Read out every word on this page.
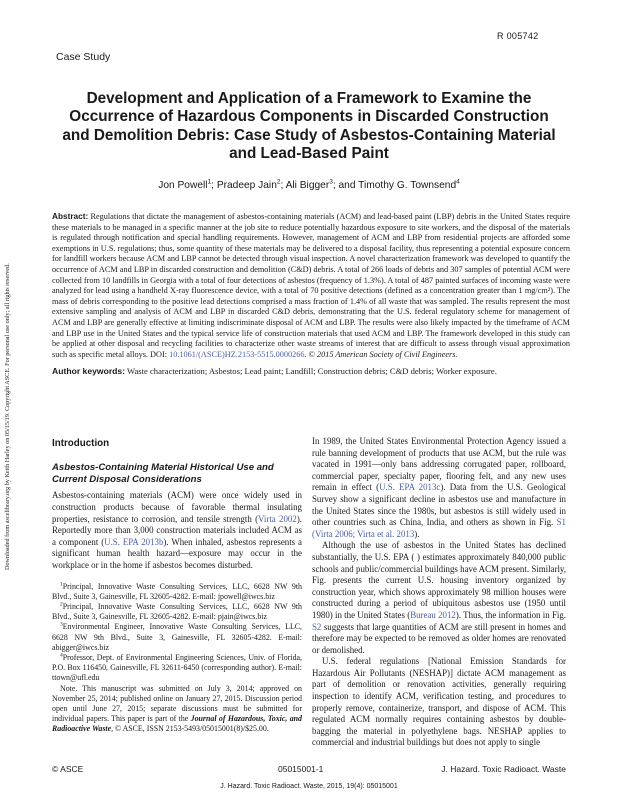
R 005742
Case Study
Development and Application of a Framework to Examine the Occurrence of Hazardous Components in Discarded Construction and Demolition Debris: Case Study of Asbestos-Containing Material and Lead-Based Paint
Jon Powell$^1$; Pradeep Jain$^2$; Ali Bigger$^3$; and Timothy G. Townsend$^4$
Downloaded from ascelibrary.org by Keith Harley on 05/15/19. Copyright ASCE. For personal use only; all rights reserved.
Abstract: Regulations that dictate the management of asbestos-containing materials (ACM) and lead-based paint (LBP) debris in the United States require these materials to be managed in a specific manner at the job site to reduce potentially hazardous exposure to site workers, and the disposal of the materials is regulated through notification and special handling requirements. However, management of ACM and LBP from residential projects are afforded some exemptions in U.S. regulations; thus, some quantity of these materials may be delivered to a disposal facility, thus representing a potential exposure concern for landfill workers because ACM and LBP cannot be detected through visual inspection. A novel characterization framework was developed to quantify the occurrence of ACM and LBP in discarded construction and demolition (C&D) debris. A total of 266 loads of debris and 307 samples of potential ACM were collected from 10 landfills in Georgia with a total of four detections of asbestos (frequency of 1.3%). A total of 487 painted surfaces of incoming waste were analyzed for lead using a handheld X-ray fluorescence device, with a total of 70 positive detections (defined as a concentration greater than 1 mg/cm²). The mass of debris corresponding to the positive lead detections comprised a mass fraction of 1.4% of all waste that was sampled. The results represent the most extensive sampling and analysis of ACM and LBP in discarded C&D debris, demonstrating that the U.S. federal regulatory scheme for management of ACM and LBP are generally effective at limiting indiscriminate disposal of ACM and LBP. The results were also likely impacted by the timeframe of ACM and LBP use in the United States and the typical service life of construction materials that used ACM and LBP. The framework developed in this study can be applied at other disposal and recycling facilities to characterize other waste streams of interest that are difficult to assess through visual approximation such as specific metal alloys. DOI: 10.1061/(ASCE)HZ.2153-5515.0000266. © 2015 American Society of Civil Engineers.
Author keywords: Waste characterization; Asbestos; Lead paint; Landfill; Construction debris; C&D debris; Worker exposure.
Introduction
Asbestos-Containing Material Historical Use and Current Disposal Considerations

Asbestos-containing materials (ACM) were once widely used in construction products because of favorable thermal insulating properties, resistance to corrosion, and tensile strength (Virta 2002). Reportedly more than 3,000 construction materials included ACM as a component (U.S. EPA 2013b). When inhaled, asbestos represents a significant human health hazard—exposure may occur in the workplace or in the home if asbestos becomes disturbed.

$^1$Principal, Innovative Waste Consulting Services, LLC, 6628 NW 9th Blvd., Suite 3, Gainesville, FL 32605-4282. E-mail: jpowell@iwcs.biz

$^2$Principal, Innovative Waste Consulting Services, LLC, 6628 NW 9th Blvd., Suite 3, Gainesville, FL 32605-4282. E-mail: pjain@iwcs.biz

$^3$Environmental Engineer, Innovative Waste Consulting Services, LLC, 6628 NW 9th Blvd., Suite 3, Gainesville, FL 32605-4282. E-mail: abigger@iwcs.biz

$^4$Professor, Dept. of Environmental Engineering Sciences, Univ. of Florida, P.O. Box 116450, Gainesville, FL 32611-6450 (corresponding author). E-mail: ttown@ufl.edu

Note. This manuscript was submitted on July 3, 2014; approved on November 25, 2014; published online on January 27, 2015. Discussion period open until June 27, 2015; separate discussions must be submitted for individual papers. This paper is part of the Journal of Hazardous, Toxic, and Radioactive Waste, © ASCE, ISSN 2153-5493/05015001(8)/$25.00.

In 1989, the United States Environmental Protection Agency issued a rule banning development of products that use ACM, but the rule was vacated in 1991—only bans addressing corrugated paper, rollboard, commercial paper, specialty paper, flooring felt, and any new uses remain in effect (U.S. EPA 2013c). Data from the U.S. Geological Survey show a significant decline in asbestos use and manufacture in the United States since the 1980s, but asbestos is still widely used in other countries such as China, India, and others as shown in Fig. S1 (Virta 2006; Virta et al. 2013).

Although the use of asbestos in the United States has declined substantially, the U.S. EPA ( ) estimates approximately 840,000 public schools and public/commercial buildings have ACM present. Similarly, Fig. presents the current U.S. housing inventory organized by construction year, which shows approximately 98 million houses were constructed during a period of ubiquitous asbestos use (1950 until 1980) in the United States (Bureau 2012). Thus, the information in Fig. S2 suggests that large quantities of ACM are still present in homes and therefore may be expected to be removed as older homes are renovated or demolished.

U.S. federal regulations [National Emission Standards for Hazardous Air Pollutants (NESHAP)] dictate ACM management as part of demolition or renovation activities, generally requiring inspection to identify ACM, verification testing, and procedures to properly remove, containerize, transport, and dispose of ACM. This regulated ACM normally requires containing asbestos by double-bagging the material in polyethylene bags. NESHAP applies to commercial and industrial buildings but does not apply to single

© ASCE	05015001-1	J. Hazard. Toxic Radioact. Waste
J. Hazard. Toxic Radioact. Waste, 2015, 19(4): 05015001
